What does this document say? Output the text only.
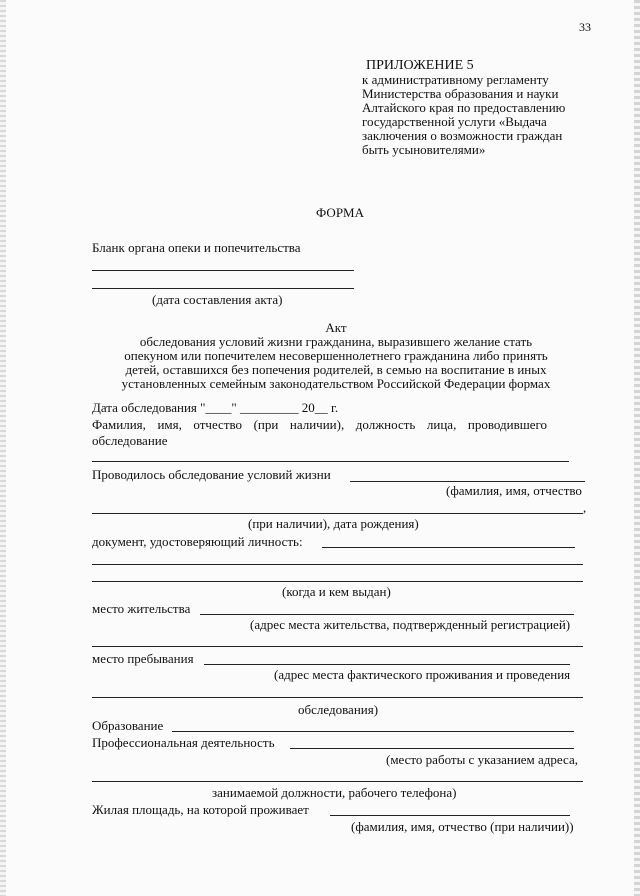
33
ПРИЛОЖЕНИЕ 5
к административному регламенту
Министерства образования и науки
Алтайского края по предоставлению
государственной услуги «Выдача
заключения о возможности граждан
быть усыновителями»
ФОРМА
Бланк органа опеки и попечительства
(дата составления акта)
Акт
обследования условий жизни гражданина, выразившего желание стать
опекуном или попечителем несовершеннолетнего гражданина либо принять
детей, оставшихся без попечения родителей, в семью на воспитание в иных
установленных семейным законодательством Российской Федерации формах
Дата обследования "____" _________ 20__ г.
Фамилия, имя, отчество (при наличии), должность лица, проводившего
обследование
Проводилось обследование условий жизни
(фамилия, имя, отчество
,
(при наличии), дата рождения)
документ, удостоверяющий личность:
(когда и кем выдан)
место жительства
(адрес места жительства, подтвержденный регистрацией)
место пребывания
(адрес места фактического проживания и проведения
обследования)
Образование
Профессиональная деятельность
(место работы с указанием адреса,
занимаемой должности, рабочего телефона)
Жилая площадь, на которой проживает
(фамилия, имя, отчество (при наличии))
